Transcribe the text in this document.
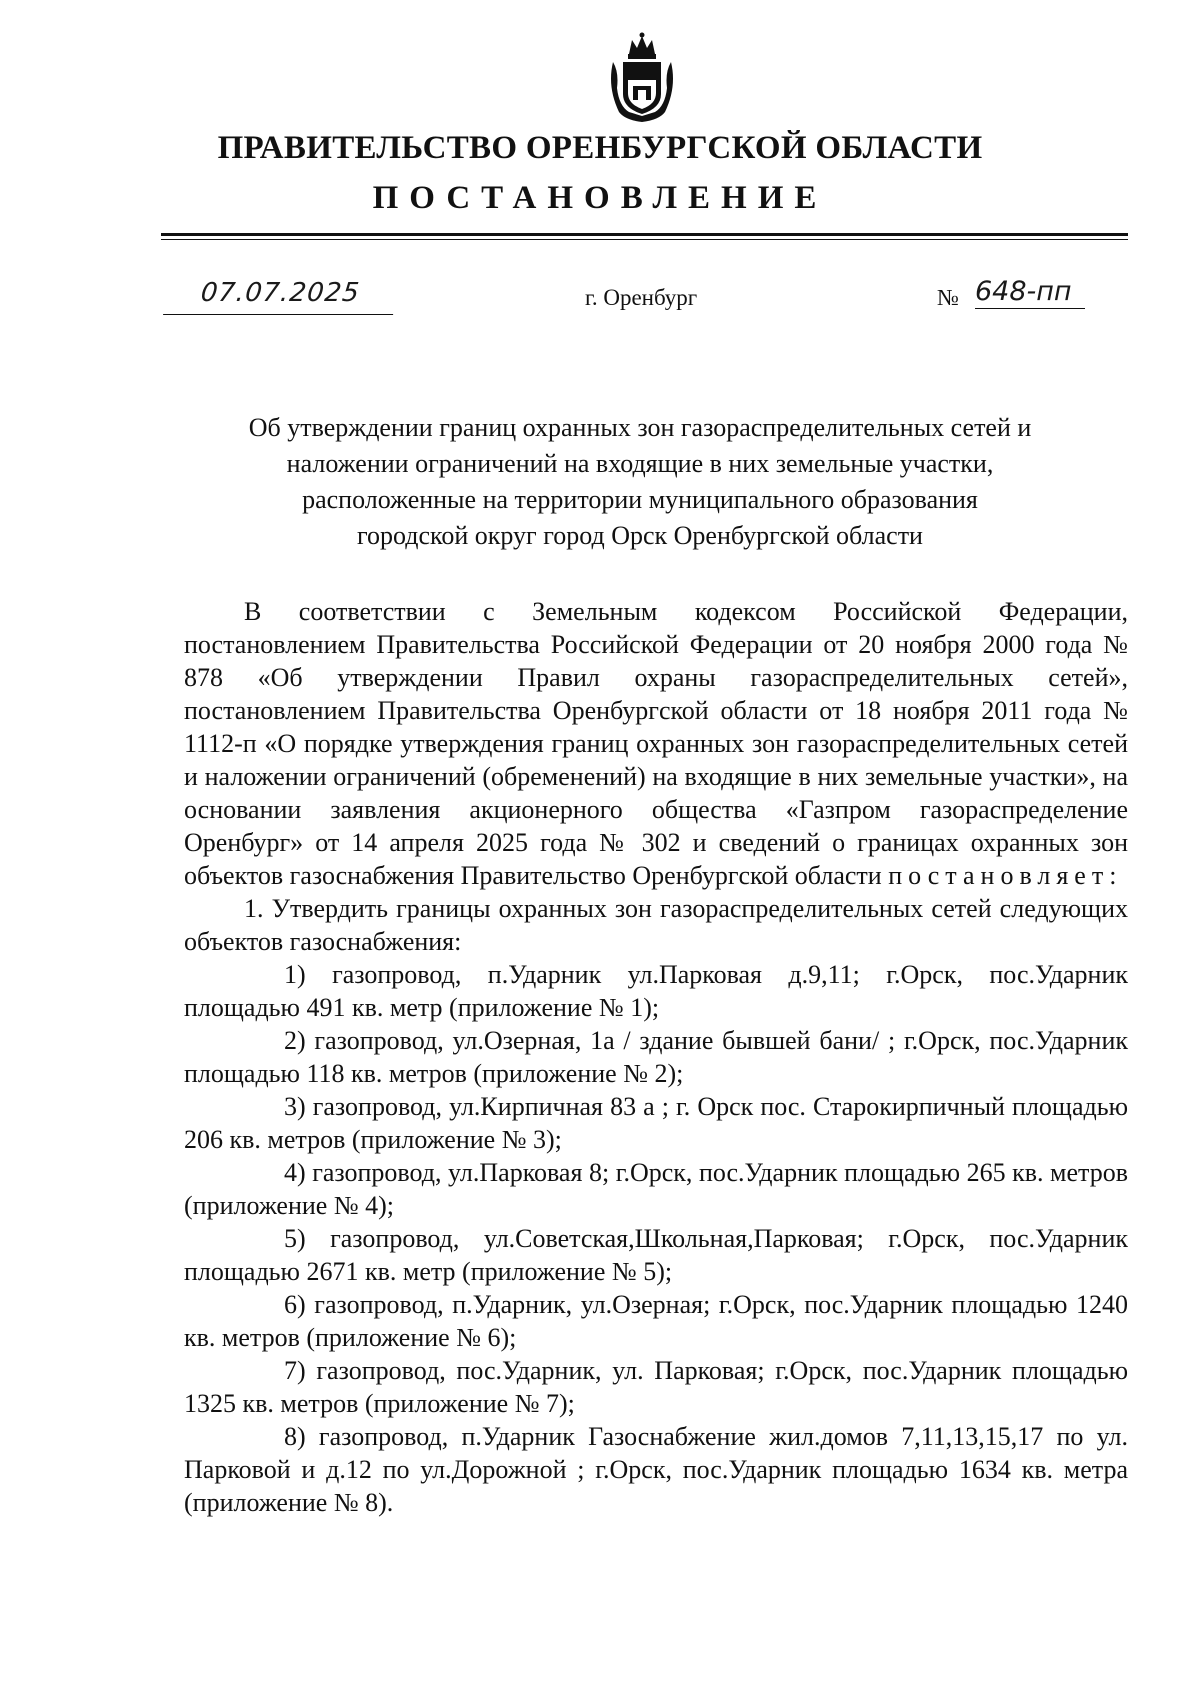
ПРАВИТЕЛЬСТВО ОРЕНБУРГСКОЙ ОБЛАСТИ
ПОСТАНОВЛЕНИЕ
07.07.2025	г. Оренбург	№ 648-пп
Об утверждении границ охранных зон газораспределительных сетей и
наложении ограничений на входящие в них земельные участки,
расположенные на территории муниципального образования
городской округ город Орск Оренбургской области

В соответствии с Земельным кодексом Российской Федерации, постановлением Правительства Российской Федерации от 20 ноября 2000 года № 878 «Об утверждении Правил охраны газораспределительных сетей», постановлением Правительства Оренбургской области от 18 ноября 2011 года № 1112-п «О порядке утверждения границ охранных зон газораспределительных сетей и наложении ограничений (обременений) на входящие в них земельные участки», на основании заявления акционерного общества «Газпром газораспределение Оренбург» от 14 апреля 2025 года № 302 и сведений о границах охранных зон объектов газоснабжения Правительство Оренбургской области постановляет:

1. Утвердить границы охранных зон газораспределительных сетей следующих объектов газоснабжения:

1) газопровод, п.Ударник ул.Парковая д.9,11; г.Орск, пос.Ударник площадью 491 кв. метр (приложение № 1);

2) газопровод, ул.Озерная, 1а / здание бывшей бани/ ; г.Орск, пос.Ударник площадью 118 кв. метров (приложение № 2);

3) газопровод, ул.Кирпичная 83 а ; г. Орск пос. Старокирпичный площадью 206 кв. метров (приложение № 3);

4) газопровод, ул.Парковая 8; г.Орск, пос.Ударник площадью 265 кв. метров (приложение № 4);

5) газопровод, ул.Советская,Школьная,Парковая; г.Орск, пос.Ударник площадью 2671 кв. метр (приложение № 5);

6) газопровод, п.Ударник, ул.Озерная; г.Орск, пос.Ударник площадью 1240 кв. метров (приложение № 6);

7) газопровод, пос.Ударник, ул. Парковая; г.Орск, пос.Ударник площадью 1325 кв. метров (приложение № 7);

8) газопровод, п.Ударник Газоснабжение жил.домов 7,11,13,15,17 по ул. Парковой и д.12 по ул.Дорожной ; г.Орск, пос.Ударник площадью 1634 кв. метра (приложение № 8).
